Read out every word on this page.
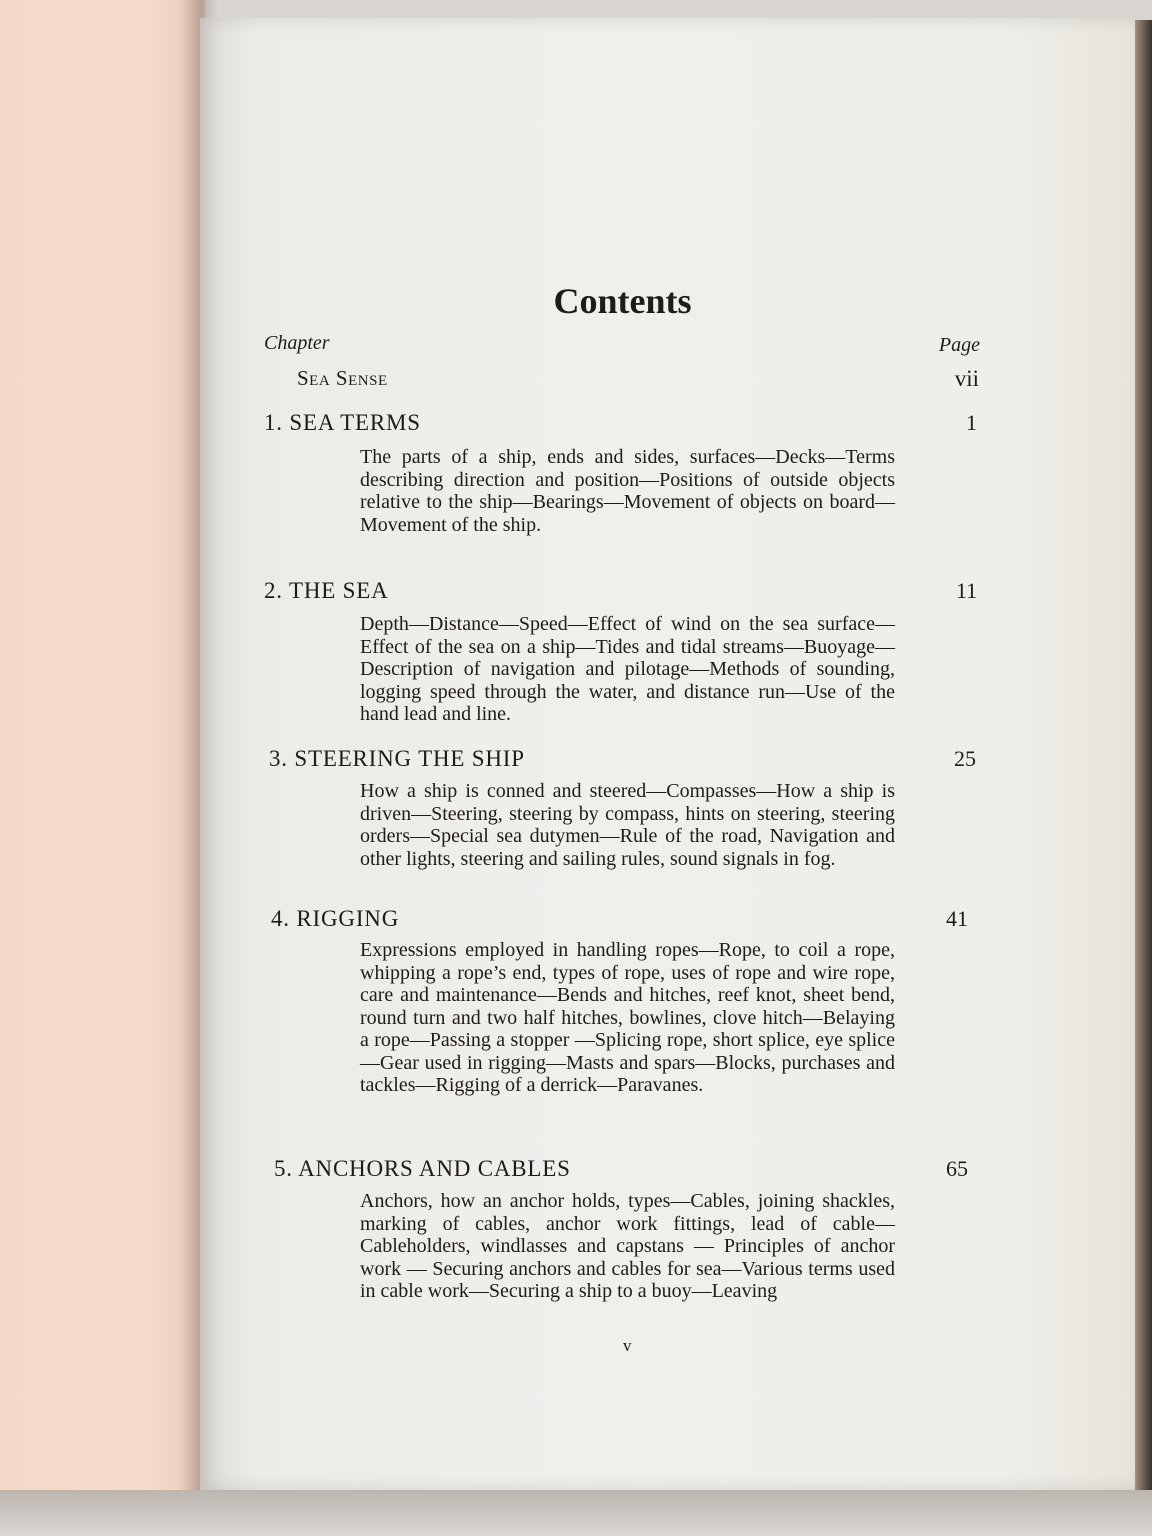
Contents
Chapter	Page
Sea Sense	vii
1. SEA TERMS	1
The parts of a ship, ends and sides, surfaces—Decks—Terms describing direction and position—Positions of outside objects relative to the ship—Bearings—Movement of objects on board—Movement of the ship.
2. THE SEA	11
Depth—Distance—Speed—Effect of wind on the sea surface—Effect of the sea on a ship—Tides and tidal streams—Buoyage—Description of navigation and pilotage—Methods of sounding, logging speed through the water, and distance run—Use of the hand lead and line.
3. STEERING THE SHIP	25
How a ship is conned and steered—Compasses—How a ship is driven—Steering, steering by compass, hints on steering, steering orders—Special sea dutymen—Rule of the road, Navigation and other lights, steering and sailing rules, sound signals in fog.
4. RIGGING	41
Expressions employed in handling ropes—Rope, to coil a rope, whipping a rope’s end, types of rope, uses of rope and wire rope, care and maintenance—Bends and hitches, reef knot, sheet bend, round turn and two half hitches, bowlines, clove hitch—Belaying a rope—Passing a stopper —Splicing rope, short splice, eye splice—Gear used in rigging—Masts and spars—Blocks, purchases and tackles—Rigging of a derrick—Paravanes.
5. ANCHORS AND CABLES	65
Anchors, how an anchor holds, types—Cables, joining shackles, marking of cables, anchor work fittings, lead of cable—Cableholders, windlasses and capstans — Principles of anchor work — Securing anchors and cables for sea—Various terms used in cable work—Securing a ship to a buoy—Leaving
v
